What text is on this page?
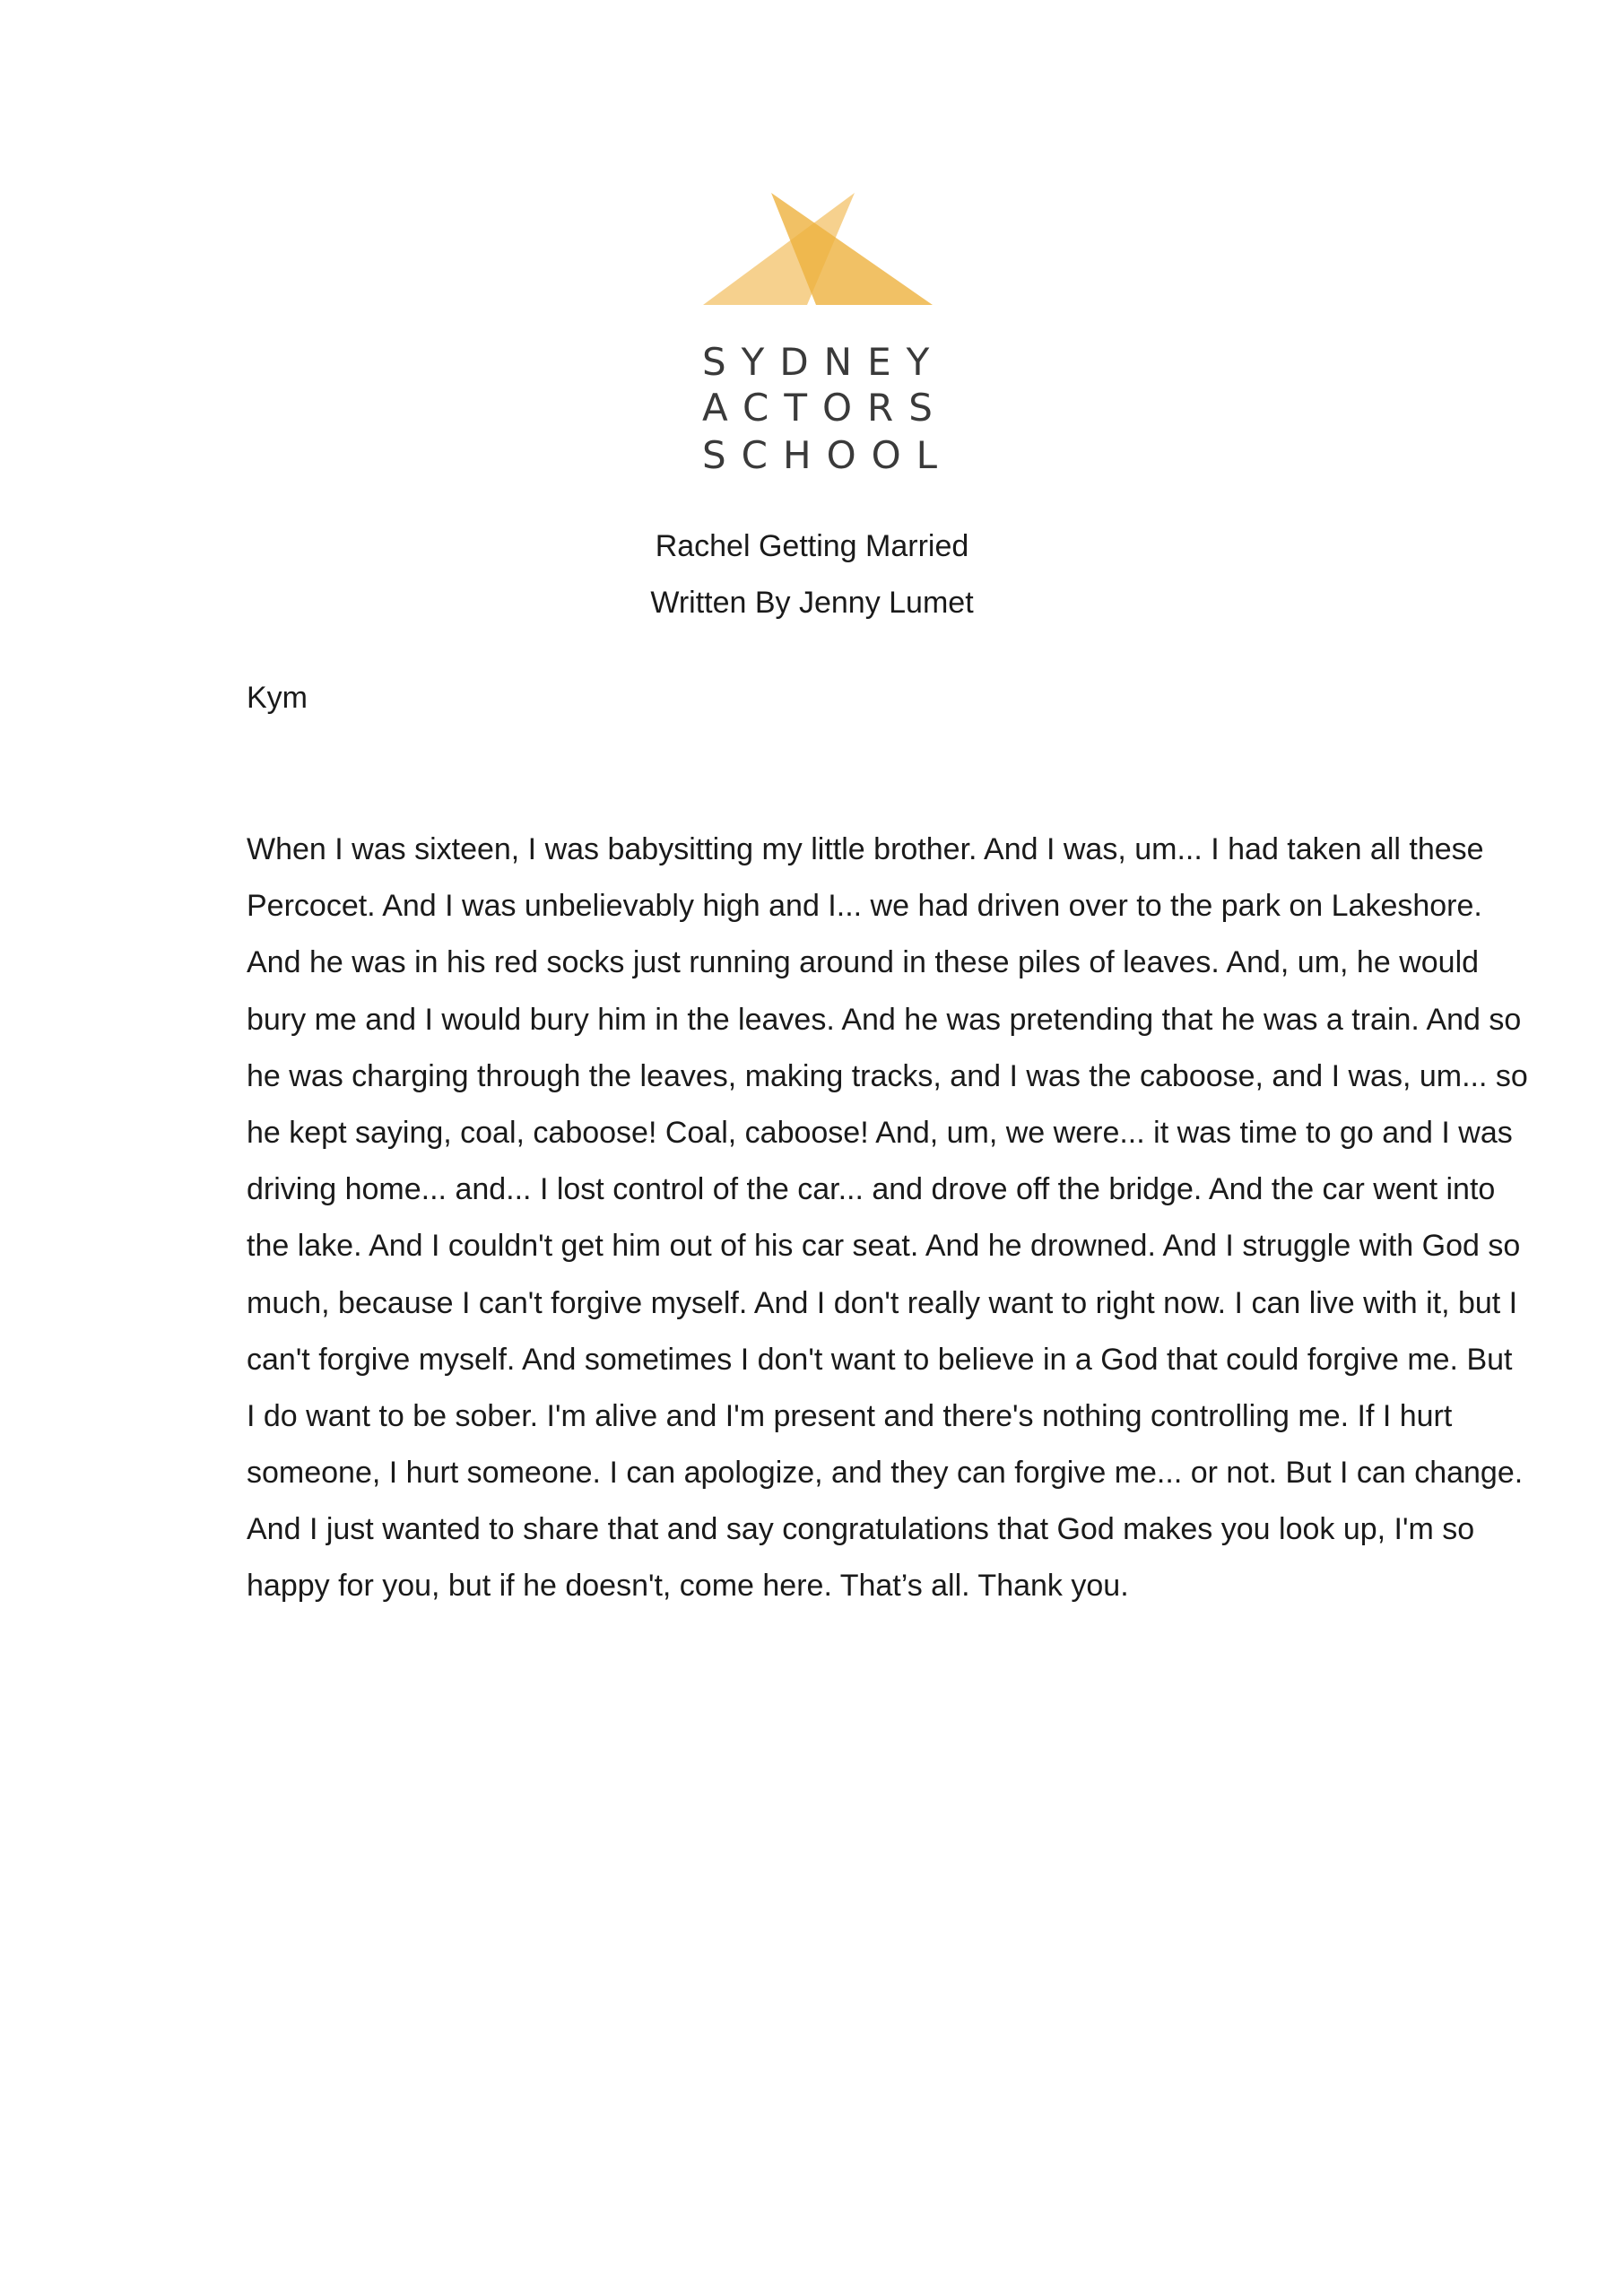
SYDNEY
ACTORS
SCHOOL
Rachel Getting Married
Written By Jenny Lumet
Kym
When I was sixteen, I was babysitting my little brother. And I was, um... I had taken all these
Percocet. And I was unbelievably high and I... we had driven over to the park on Lakeshore.
And he was in his red socks just running around in these piles of leaves. And, um, he would
bury me and I would bury him in the leaves. And he was pretending that he was a train. And so
he was charging through the leaves, making tracks, and I was the caboose, and I was, um... so
he kept saying, coal, caboose! Coal, caboose! And, um, we were... it was time to go and I was
driving home... and... I lost control of the car... and drove off the bridge. And the car went into
the lake. And I couldn't get him out of his car seat. And he drowned. And I struggle with God so
much, because I can't forgive myself. And I don't really want to right now. I can live with it, but I
can't forgive myself. And sometimes I don't want to believe in a God that could forgive me. But
I do want to be sober. I'm alive and I'm present and there's nothing controlling me. If I hurt
someone, I hurt someone. I can apologize, and they can forgive me... or not. But I can change.
And I just wanted to share that and say congratulations that God makes you look up, I'm so
happy for you, but if he doesn't, come here. That’s all. Thank you.
